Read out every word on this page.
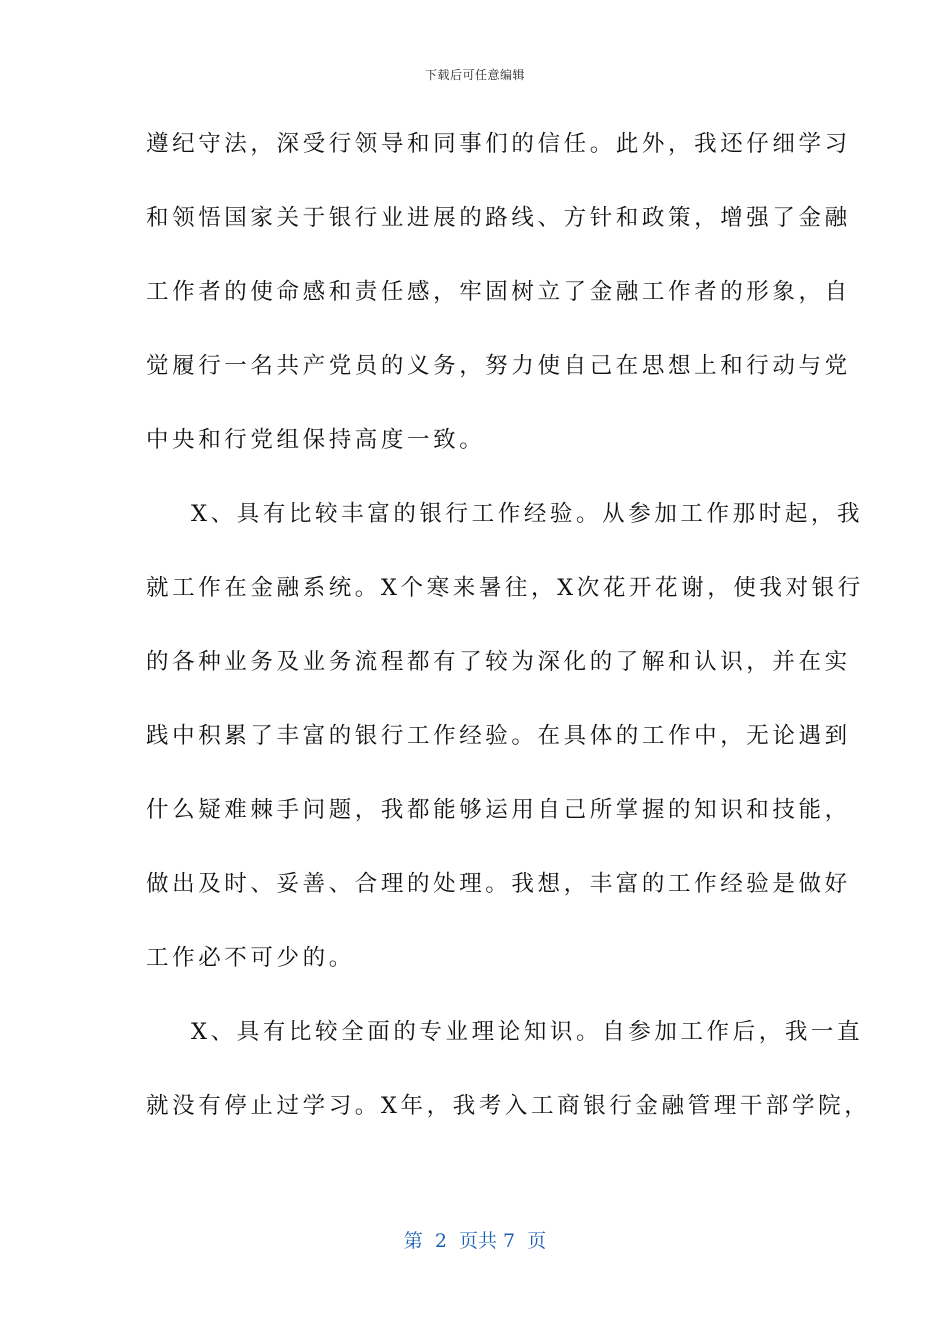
下载后可任意编辑
遵纪守法，深受行领导和同事们的信任。此外，我还仔细学习
和领悟国家关于银行业进展的路线、方针和政策，增强了金融
工作者的使命感和责任感，牢固树立了金融工作者的形象，自
觉履行一名共产党员的义务，努力使自己在思想上和行动与党
中央和行党组保持高度一致。
X、具有比较丰富的银行工作经验。从参加工作那时起，我
就工作在金融系统。X个寒来暑往，X次花开花谢，使我对银行
的各种业务及业务流程都有了较为深化的了解和认识，并在实
践中积累了丰富的银行工作经验。在具体的工作中，无论遇到
什么疑难棘手问题，我都能够运用自己所掌握的知识和技能，
做出及时、妥善、合理的处理。我想，丰富的工作经验是做好
工作必不可少的。
X、具有比较全面的专业理论知识。自参加工作后，我一直
就没有停止过学习。X年，我考入工商银行金融管理干部学院，
第  2  页共 7  页
